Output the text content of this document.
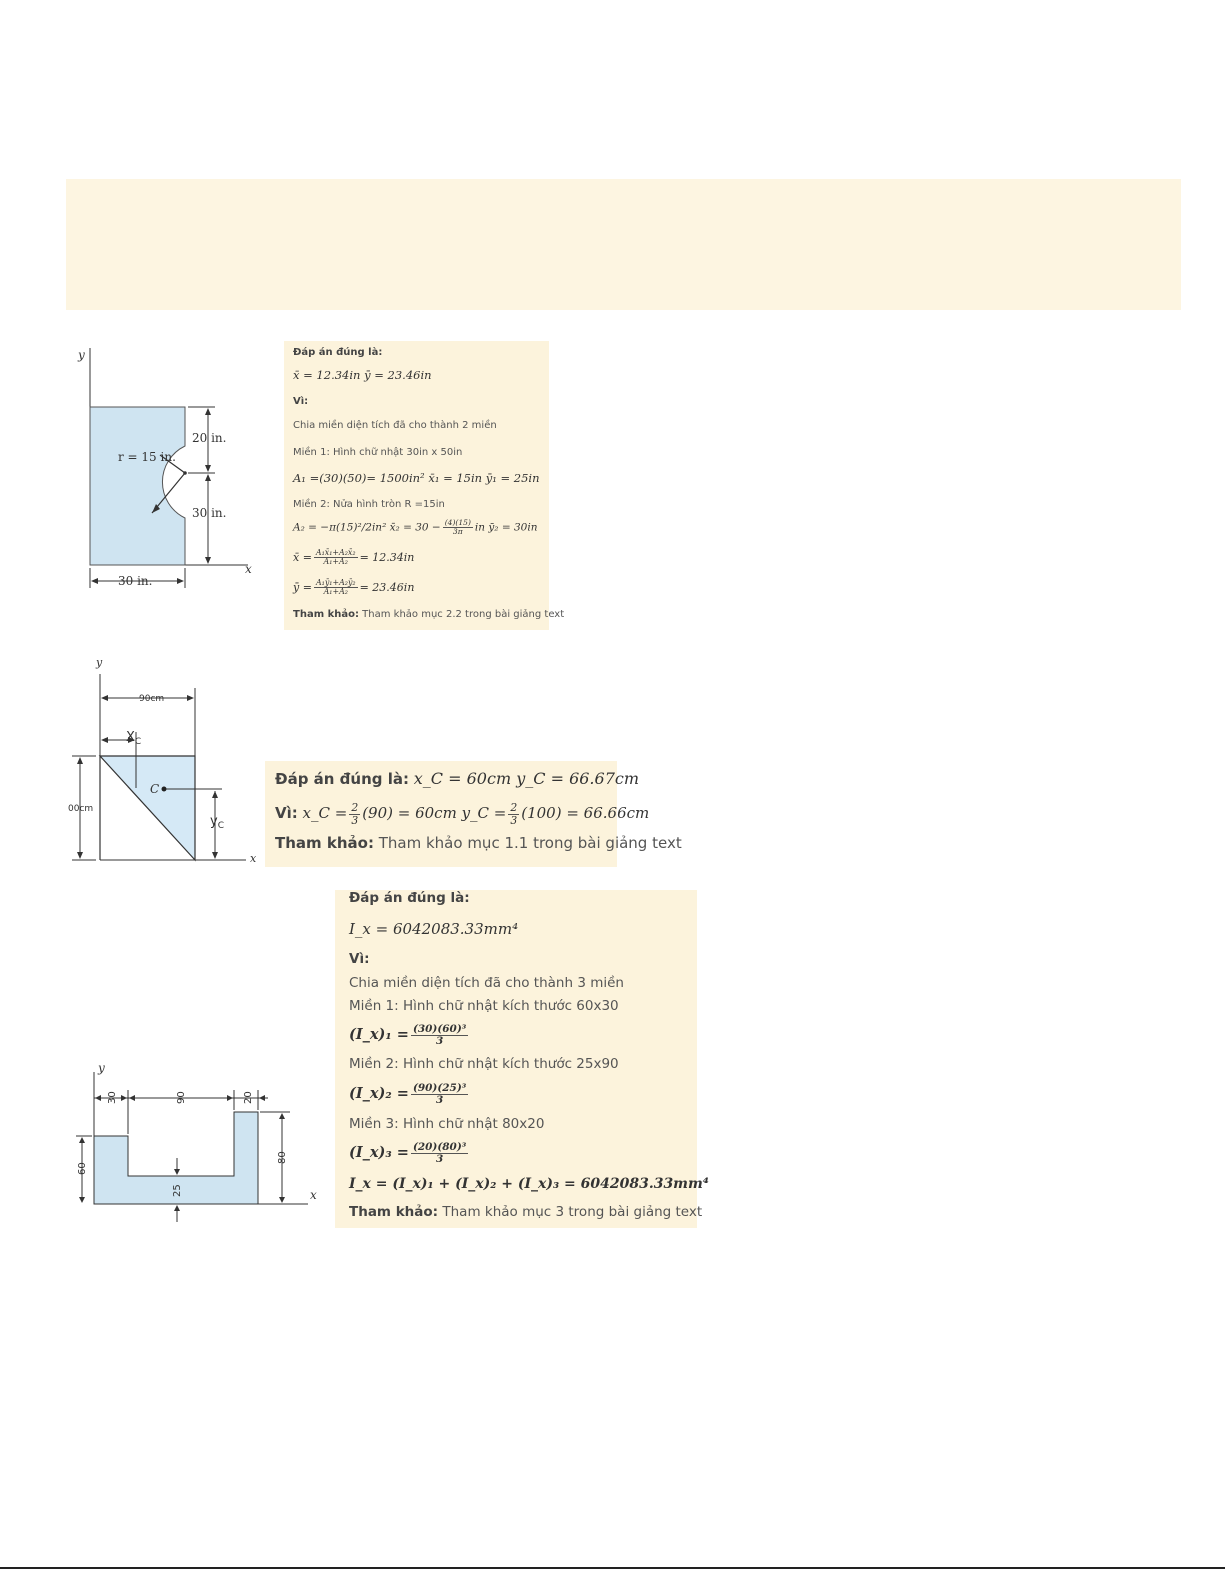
y
x
r = 15 in.
20 in.
30 in.
30 in.
Đáp án đúng là:
x̄ = 12.34in ȳ = 23.46in
Vì:
Chia miền diện tích đã cho thành 2 miền
Miền 1: Hình chữ nhật 30in x 50in
A₁ =(30)(50)= 1500in² x̄₁ = 15in ȳ₁ = 25in
Miền 2: Nửa hình tròn R =15in
A₂ = −π(15)²/2in² x̄₂ = $30 - \frac{(4)(15)}{3\pi}$ in ȳ₂ = 30in
x̄ = $\frac{\text{A₁x̄₁+A₂x̄₂}}{\text{A₁+A₂}} = 12.34in$
ȳ = $\frac{\text{A₁ȳ₁+A₂ȳ₂}}{\text{A₁+A₂}} = 23.46in$
Tham khảo: Tham khảo mục 2.2 trong bài giảng text
y
x
90cm
00cm
$X_C$
$y_C$
C
Đáp án đúng là: x_C = 60cm y_C = 66.67cm
Vì: x_C = $\frac{2}{3} (90) = 60cm$ y_C = $\frac{2}{3} (100) = 66.66cm$
Tham khảo: Tham khảo mục 1.1 trong bài giảng text
y
x
30	90	20
60
80
25
Đáp án đúng là:
I_x = 6042083.33mm⁴
Vì:
Chia miền diện tích đã cho thành 3 miền
Miền 1: Hình chữ nhật kích thước 60x30
(I_x)₁ = $\frac{\text{(30)(60)³}}{3}$
Miền 2: Hình chữ nhật kích thước 25x90
(I_x)₂ = $\frac{\text{(90)(25)³}}{3}$
Miền 3: Hình chữ nhật 80x20
(I_x)₃ = $\frac{\text{(20)(80)³}}{3}$
I_x = (I_x)₁ + (I_x)₂ + (I_x)₃ = 6042083.33mm⁴
Tham khảo: Tham khảo mục 3 trong bài giảng text
